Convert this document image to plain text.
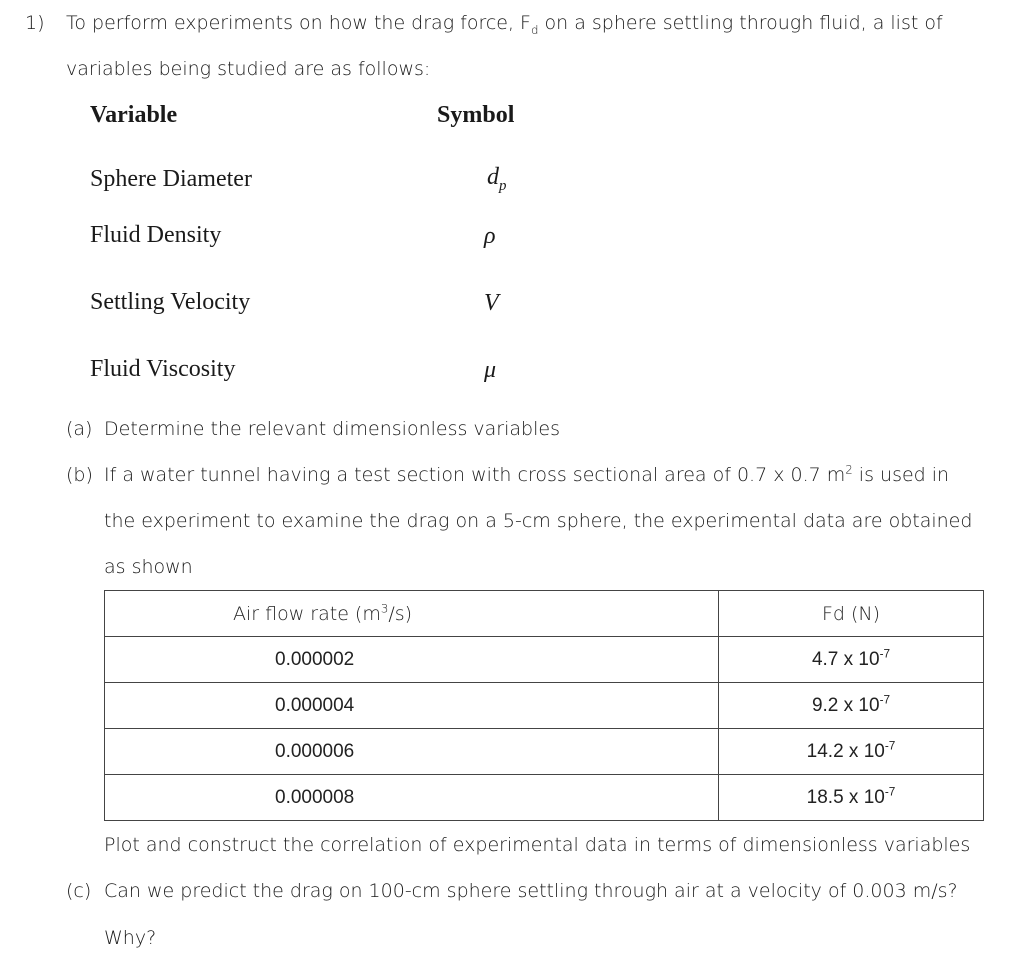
1) To perform experiments on how the drag force, $F_d$ on a sphere settling through fluid, a list of
variables being studied are as follows:
Variable	Symbol
Sphere Diameter	$d_p$
Fluid Density	ρ
Settling Velocity	V
Fluid Viscosity	μ
(a) Determine the relevant dimensionless variables
(b) If a water tunnel having a test section with cross sectional area of 0.7 x 0.7 $m^2$ is used in
the experiment to examine the drag on a 5-cm sphere, the experimental data are obtained
as shown
Air flow rate $(m^3/s)$	Fd (N)
0.000002	4.7 x $10^{-7}$
0.000004	9.2 x $10^{-7}$
0.000006	14.2 x $10^{-7}$
0.000008	18.5 x $10^{-7}$
Plot and construct the correlation of experimental data in terms of dimensionless variables
(c) Can we predict the drag on 100-cm sphere settling through air at a velocity of 0.003 m/s?
Why?
